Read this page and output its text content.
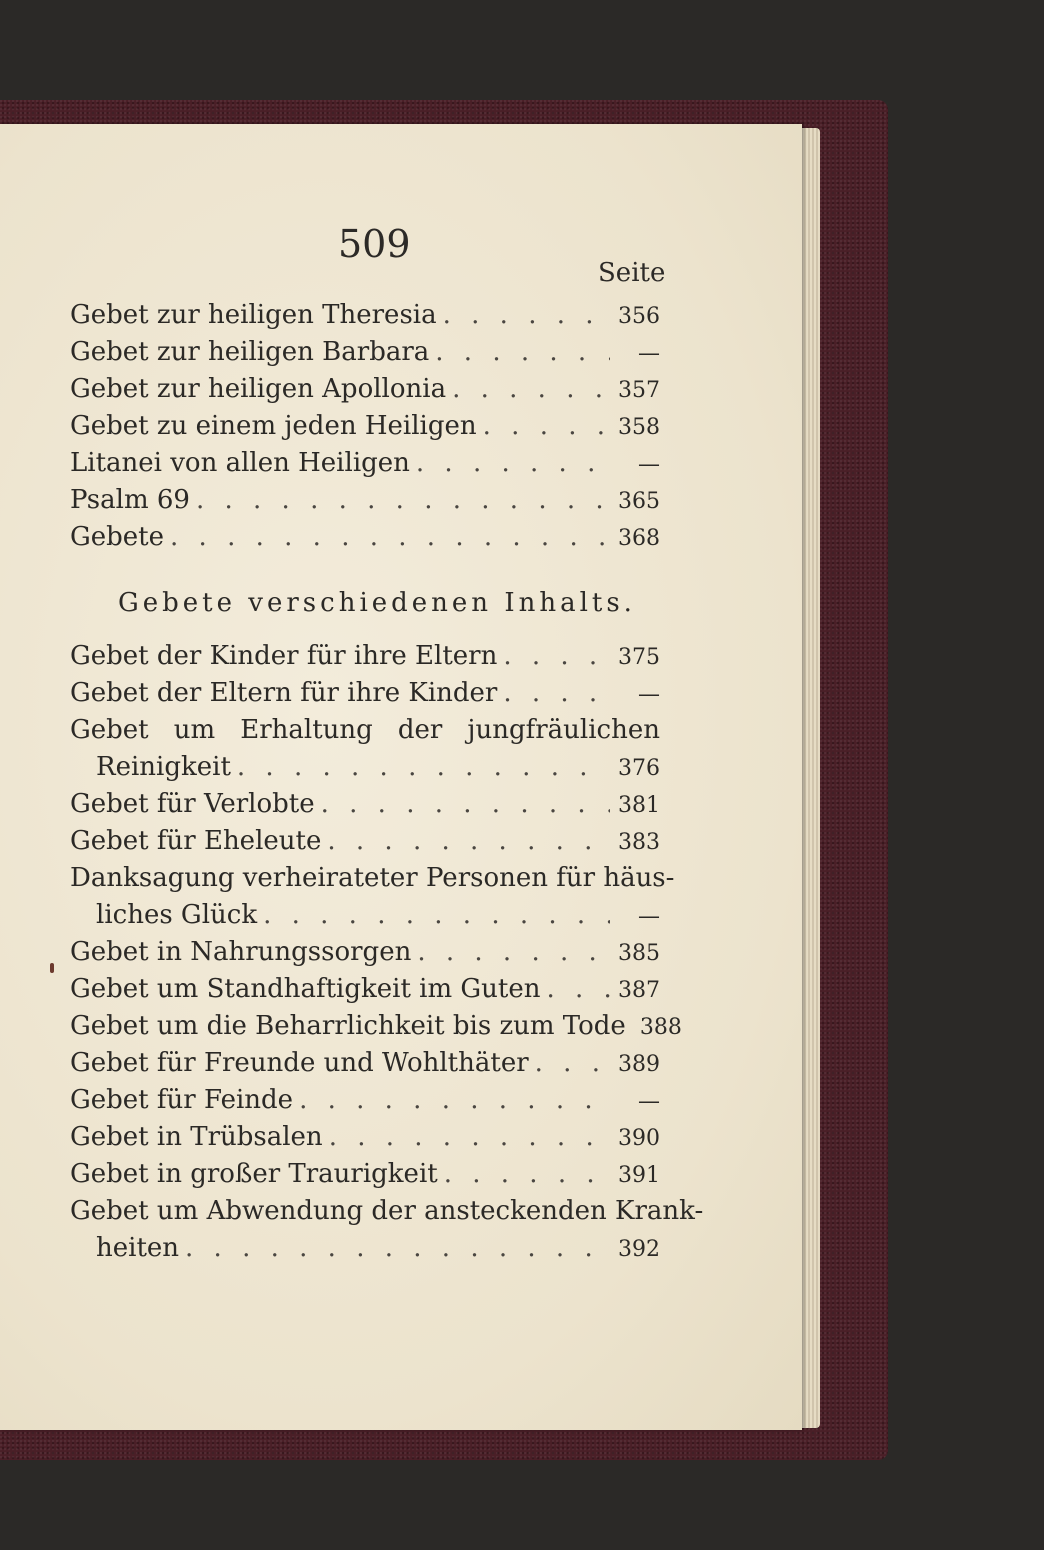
509
Seite
Gebet zur heiligen Theresia . . .	356
Gebet zur heiligen Barbara . . .	—
Gebet zur heiligen Apollonia . . .	357
Gebet zu einem jeden Heiligen . . .	358
Litanei von allen Heiligen . . .	—
Psalm 69 . . .	365
Gebete . . .	368
Gebete verschiedenen Inhalts.
Gebet der Kinder für ihre Eltern . . .	375
Gebet der Eltern für ihre Kinder . . .	—
Gebet um Erhaltung der jungfräulichen
Reinigkeit . . .	376
Gebet für Verlobte . . .	381
Gebet für Eheleute . . .	383
Danksagung verheirateter Personen für häus-
liches Glück . . .	—
Gebet in Nahrungssorgen . . .	385
Gebet um Standhaftigkeit im Guten . . .	387
Gebet um die Beharrlichkeit bis zum Tode 388
Gebet für Freunde und Wohlthäter . . .	389
Gebet für Feinde . . .	—
Gebet in Trübsalen . . .	390
Gebet in großer Traurigkeit . . .	391
Gebet um Abwendung der ansteckenden Krank-
heiten . . .	392
